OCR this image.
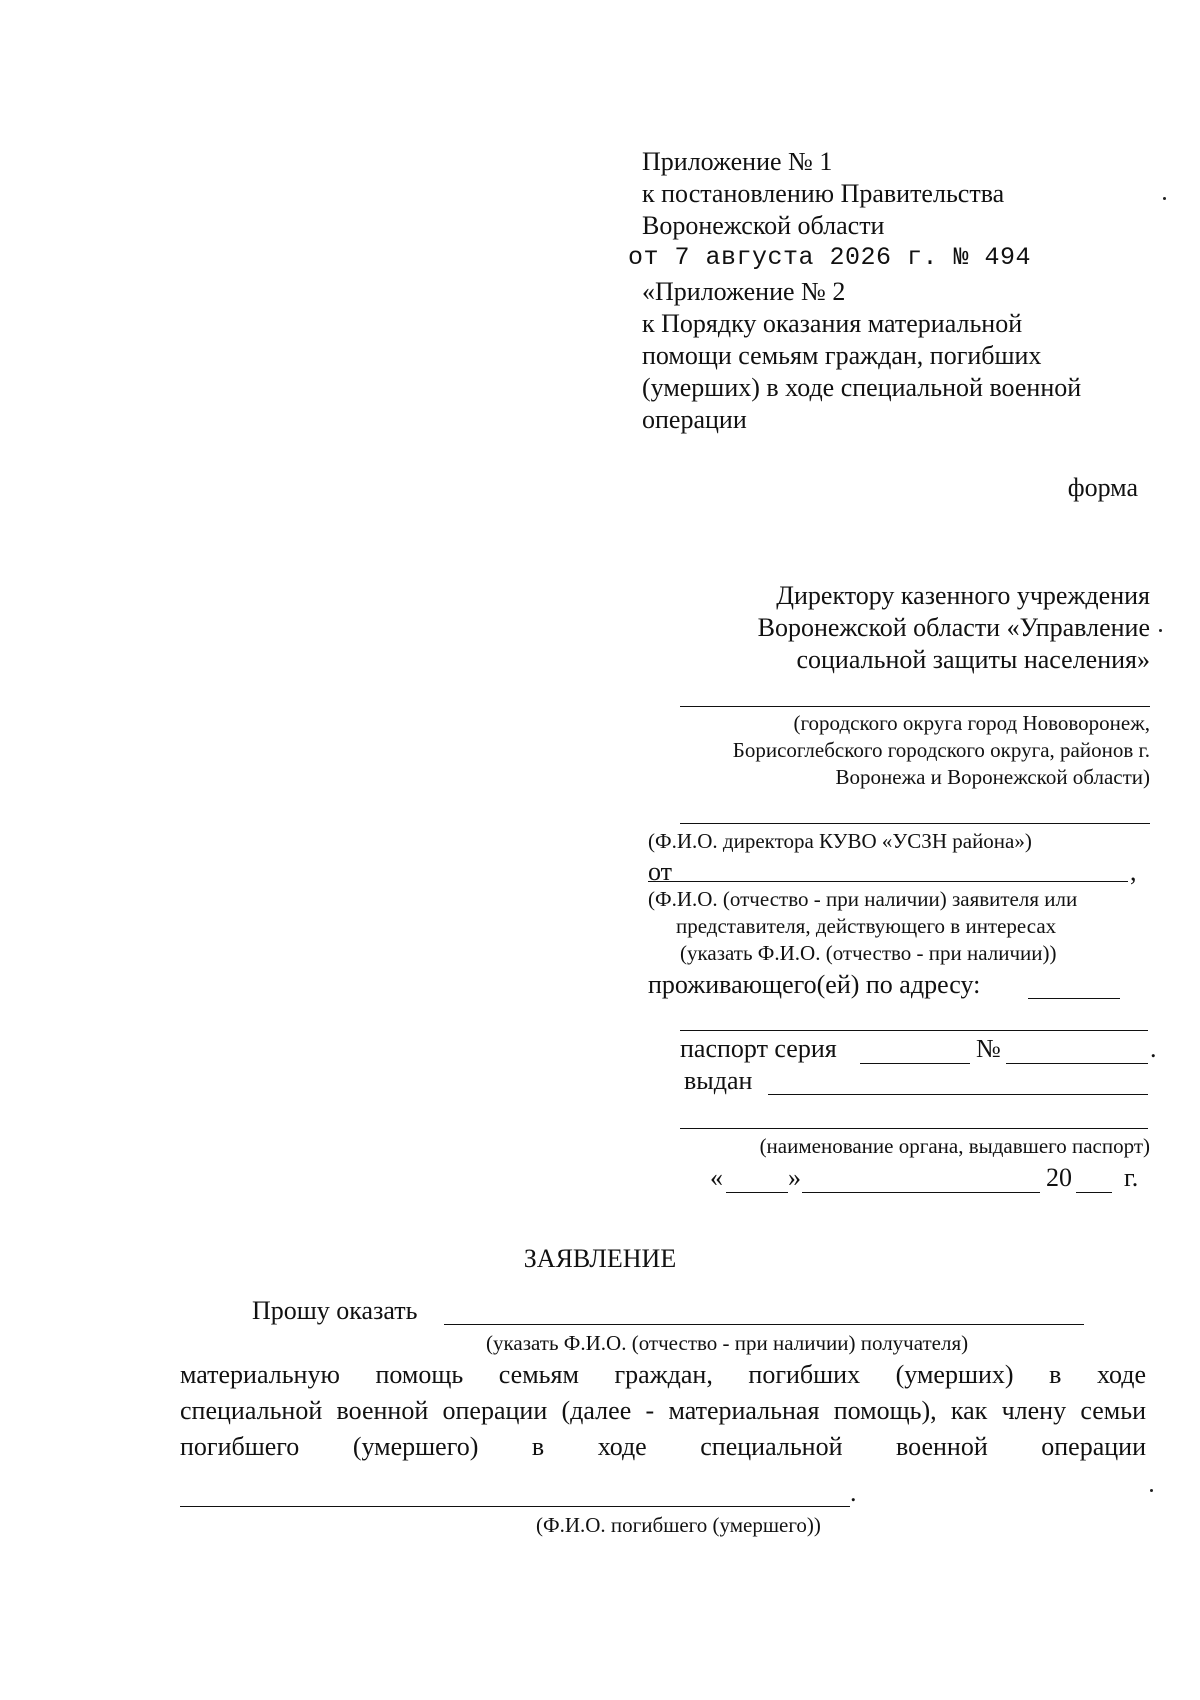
Приложение № 1
к постановлению Правительства
Воронежской области
от 7 августа 2026 г. № 494
«Приложение № 2
к Порядку оказания материальной
помощи семьям граждан, погибших
(умерших) в ходе специальной военной
операции
форма
Директору казенного учреждения
Воронежской области «Управление
социальной защиты населения»
(городского округа город Нововоронеж,
Борисоглебского городского округа, районов г.
Воронежа и Воронежской области)
(Ф.И.О. директора КУВО «УСЗН района»)
от	,
(Ф.И.О. (отчество - при наличии) заявителя или
представителя, действующего в интересах
(указать Ф.И.О. (отчество - при наличии))
проживающего(ей) по адресу:
паспорт серия	№	.
выдан
(наименование органа, выдавшего паспорт)
«	»	20 г.
ЗАЯВЛЕНИЕ
Прошу оказать
(указать Ф.И.О. (отчество - при наличии) получателя)
материальную помощь семьям граждан, погибших (умерших) в ходе
специальной военной операции (далее - материальная помощь), как члену семьи
погибшего (умершего) в ходе специальной военной операции
.
(Ф.И.О. погибшего (умершего))
